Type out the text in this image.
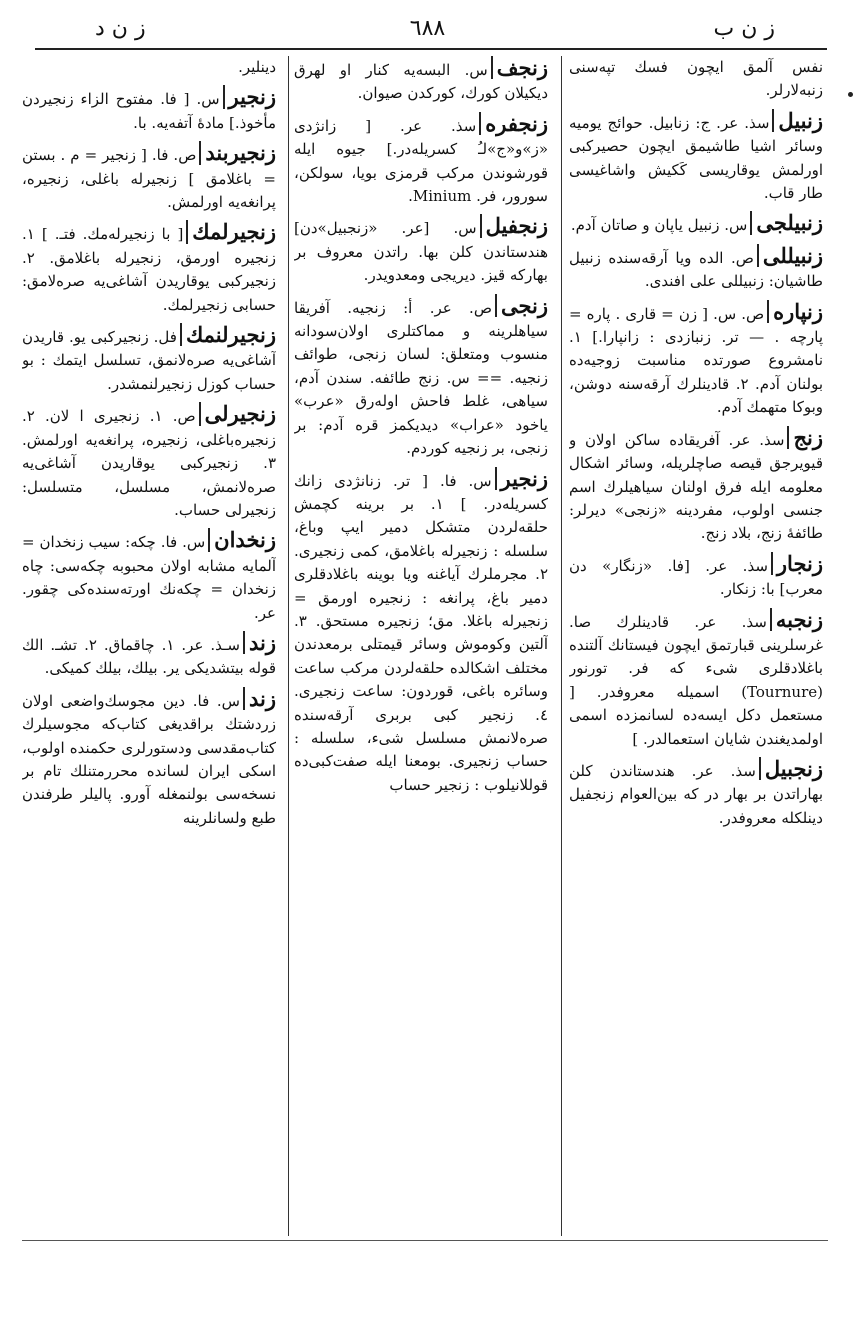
ز ن ب
٦٨٨
ز ن د
نفس آلمق ایچون فسك تپه‌سنی زنبه‌لارلر.
زنبیلسذ. عر. ج: زنابیل. حوائج یومیه وسائر اشیا طاشیمق ایچون حصیرکبی اورلمش یوقاریسی کَکیش واشاغیسی طار قاب.
زنبیلجیس. زنبیل یاپان و صاتان آدم.
زنبیللیص. الده ویا آرقه‌سنده زنبیل طاشیان: زنبیللی علی افندی.
زنپارهص. س. [ زن = قاری . پاره = پارچه . — تر. زنبازدی : زانپارا.] ١. نامشروع صورتده مناسبت زوجیه‌ده بولنان آدم. ٢. قادینلرك آرقه‌سنه دوشن، وبوکا متهمك آدم.
زنجسذ. عر. آفریقاده ساکن اولان و قیویرجق قیصه صاچلریله، وسائر اشکال معلومه ایله فرق اولنان سیاهیلرك اسم جنسی اولوب، مفردینه «زنجی» دیرلر: طائفهٔ زنج، بلاد زنج.
زنجارسذ. عر. [فا. «زنگار» دن معرب] با: زنکار.
زنجبهسذ. عر. قادینلرك صا. غرسلرینی قبارتمق ایچون فیستانك آلتنده باغلادقلری شی‌ء که فر. تورنور (Tournure) اسمیله معروفدر. [ مستعمل دکل ایسه‌ده لسانمزده اسمی اولمدیغندن شایان استعمالدر. ]
زنجبیلسذ. عر. هندستاندن کلن بهاراتدن بر بهار در که بین‌العوام زنجفیل دینلکله معروفدر.
زنجفس. البسه‌یه کنار او لهرق دیکیلان کورك، کورکدن صیوان.
زنجفرهسذ. عر. [ زانژدی «ز»و«ج»لـُ کسریله‌در.] جیوه ایله قورشوندن مرکب قرمزی بویا، سولکن، سورور، فر. Minium.
زنجفیلس. [عر. «زنجبیل»دن] هندستاندن کلن بها. راتدن معروف بر بهارکه قیز. دیریجی ومعدویدر.
زنجیص. عر. أ: زنجیه. آفریقا سیاهلرینه و مماکتلری اولان‌سودانه منسوب ومتعلق: لسان زنجی، طوائف زنجیه. == س. زنج طائفه. سندن آدم، سیاهی، غلط فاحش اوله‌رق «عرب» یاخود «عراب» دیدیکمز قره آدم: بر زنجی، بر زنجیه کوردم.
زنجیرس. فا. [ تر. زنانژدی زانك کسریله‌در. ] ١. بر برینه کچمش حلقه‌لردن متشکل دمیر ایپ وباغ، سلسله : زنجیرله باغلامق، کمی زنجیری. ٢. مجرملرك آیاغنه ویا بوینه باغلادقلری دمیر باغ، پرانغه : زنجیره اورمق = زنجیرله باغلا. مق؛ زنجیره مستحق. ٣. آلتین وکوموش وسائر قیمتلی برمعدندن مختلف اشکالده حلقه‌لردن مرکب ساعت وسائره باغی، قوردون: ساعت زنجیری. ٤. زنجیر کبی بربری آرقه‌سنده صره‌لانمش مسلسل شیء، سلسله : حساب زنجیری. بومعنا ایله صفت‌کبی‌ده قوللانیلوب : زنجیر حساب
دینلیر.
زنجیرس. [ فا. مفتوح الزاء زنجیردن مأخوذ.] مادهٔ آتفه‌یه. با.
زنجیربندص. فا. [ زنجیر = م . بستن = باغلامق ] زنجیرله باغلی، زنجیره، پرانغه‌یه اورلمش.
زنجیرلمك[ با زنجیرله‌مك. فتـ. ] ١. زنجیره اورمق، زنجیرله باغلامق. ٢. زنجیرکبی یوقاریدن آشاغی‌یه صره‌لامق: حسابی زنجیرلمك.
زنجیرلنمكفل. زنجیرکبی یو. قاریدن آشاغی‌یه صره‌لانمق، تسلسل ایتمك : بو حساب کوزل زنجیرلنمشدر.
زنجیرلیص. ١. زنجیری ا لان. ٢. زنجیره‌باغلی، زنجیره، پرانغه‌یه اورلمش. ٣. زنجیرکبی یوقاریدن آشاغی‌یه صره‌لانمش، مسلسل، متسلسل: زنجیرلی حساب.
زنخدانس. فا. چکه: سیب زنخدان = آلمایه مشابه اولان محبوبه چکه‌سی: چاه زنخدان = چکه‌نك اورته‌سنده‌کی چقور. عر.
زندسـذ. عر. ١. چاقماق. ٢. تشـ. الك قوله بیتشدیکی یر. بیلك، بیلك کمیکی.
زندس. فا. دین مجوسك‌واضعی اولان زردشتك براقدیغی کتاب‌که مجوسیلرك کتاب‌مقدسی ودستورلری حکمنده اولوب، اسکی ایران لسانده محررمتنلك تا‌م بر نسخه‌سی بولنمغله آورو. پالیلر طرفندن طبع ولسانلرینه
